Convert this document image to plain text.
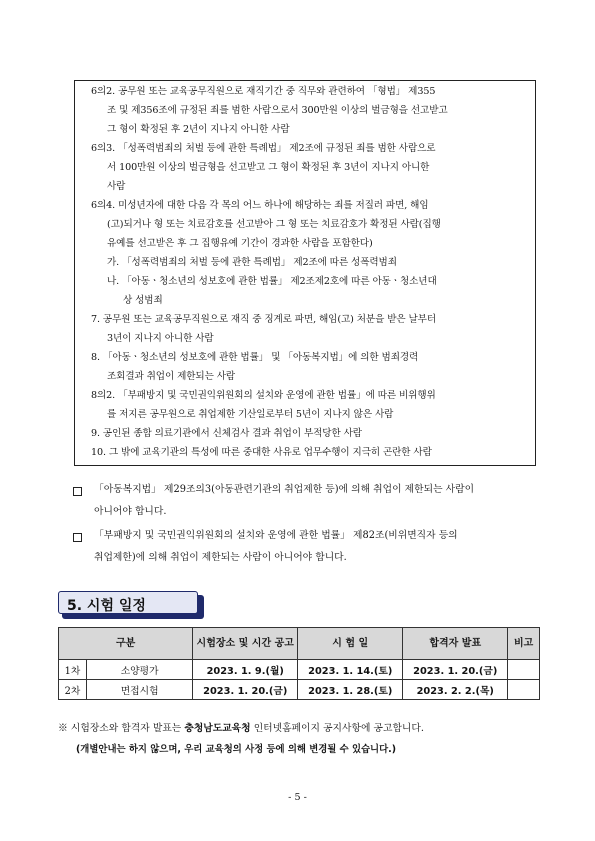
6의2. 공무원 또는 교육공무직원으로 재직기간 중 직무와 관련하여 「형법」 제355
조 및 제356조에 규정된 죄를 범한 사람으로서 300만원 이상의 벌금형을 선고받고
그 형이 확정된 후 2년이 지나지 아니한 사람
6의3. 「성폭력범죄의 처벌 등에 관한 특례법」 제2조에 규정된 죄를 범한 사람으로
서 100만원 이상의 벌금형을 선고받고 그 형이 확정된 후 3년이 지나지 아니한
사람
6의4. 미성년자에 대한 다음 각 목의 어느 하나에 해당하는 죄를 저질러 파면, 해임
(고)되거나 형 또는 치료감호를 선고받아 그 형 또는 치료감호가 확정된 사람(집행
유예를 선고받은 후 그 집행유예 기간이 경과한 사람을 포함한다)
가. 「성폭력범죄의 처벌 등에 관한 특례법」 제2조에 따른 성폭력범죄
나. 「아동ㆍ청소년의 성보호에 관한 법률」 제2조제2호에 따른 아동ㆍ청소년대
상 성범죄
7. 공무원 또는 교육공무직원으로 재직 중 징계로 파면, 해임(고) 처분을 받은 날부터
3년이 지나지 아니한 사람
8. 「아동ㆍ청소년의 성보호에 관한 법률」 및 「아동복지법」에 의한 범죄경력
조회결과 취업이 제한되는 사람
8의2. 「부패방지 및 국민권익위원회의 설치와 운영에 관한 법률」에 따른 비위행위
를 저지른 공무원으로 취업제한 기산일로부터 5년이 지나지 않은 사람
9. 공인된 종합 의료기관에서 신체검사 결과 취업이 부적당한 사람
10. 그 밖에 교육기관의 특성에 따른 중대한 사유로 업무수행이 지극히 곤란한 사람
「아동복지법」 제29조의3(아동관련기관의 취업제한 등)에 의해 취업이 제한되는 사람이
아니어야 합니다.
「부패방지 및 국민권익위원회의 설치와 운영에 관한 법률」 제82조(비위면직자 등의
취업제한)에 의해 취업이 제한되는 사람이 아니어야 합니다.
5. 시험 일정
구분		시험장소 및 시간 공고	시 험 일	합격자 발표	비고
1차	소양평가	2023. 1. 9.(월)	2023. 1. 14.(토)	2023. 1. 20.(금)	
2차	면접시험	2023. 1. 20.(금)	2023. 1. 28.(토)	2023. 2. 2.(목)	
※ 시험장소와 합격자 발표는 충청남도교육청 인터넷홈페이지 공지사항에 공고합니다.
(개별안내는 하지 않으며, 우리 교육청의 사정 등에 의해 변경될 수 있습니다.)
- 5 -
